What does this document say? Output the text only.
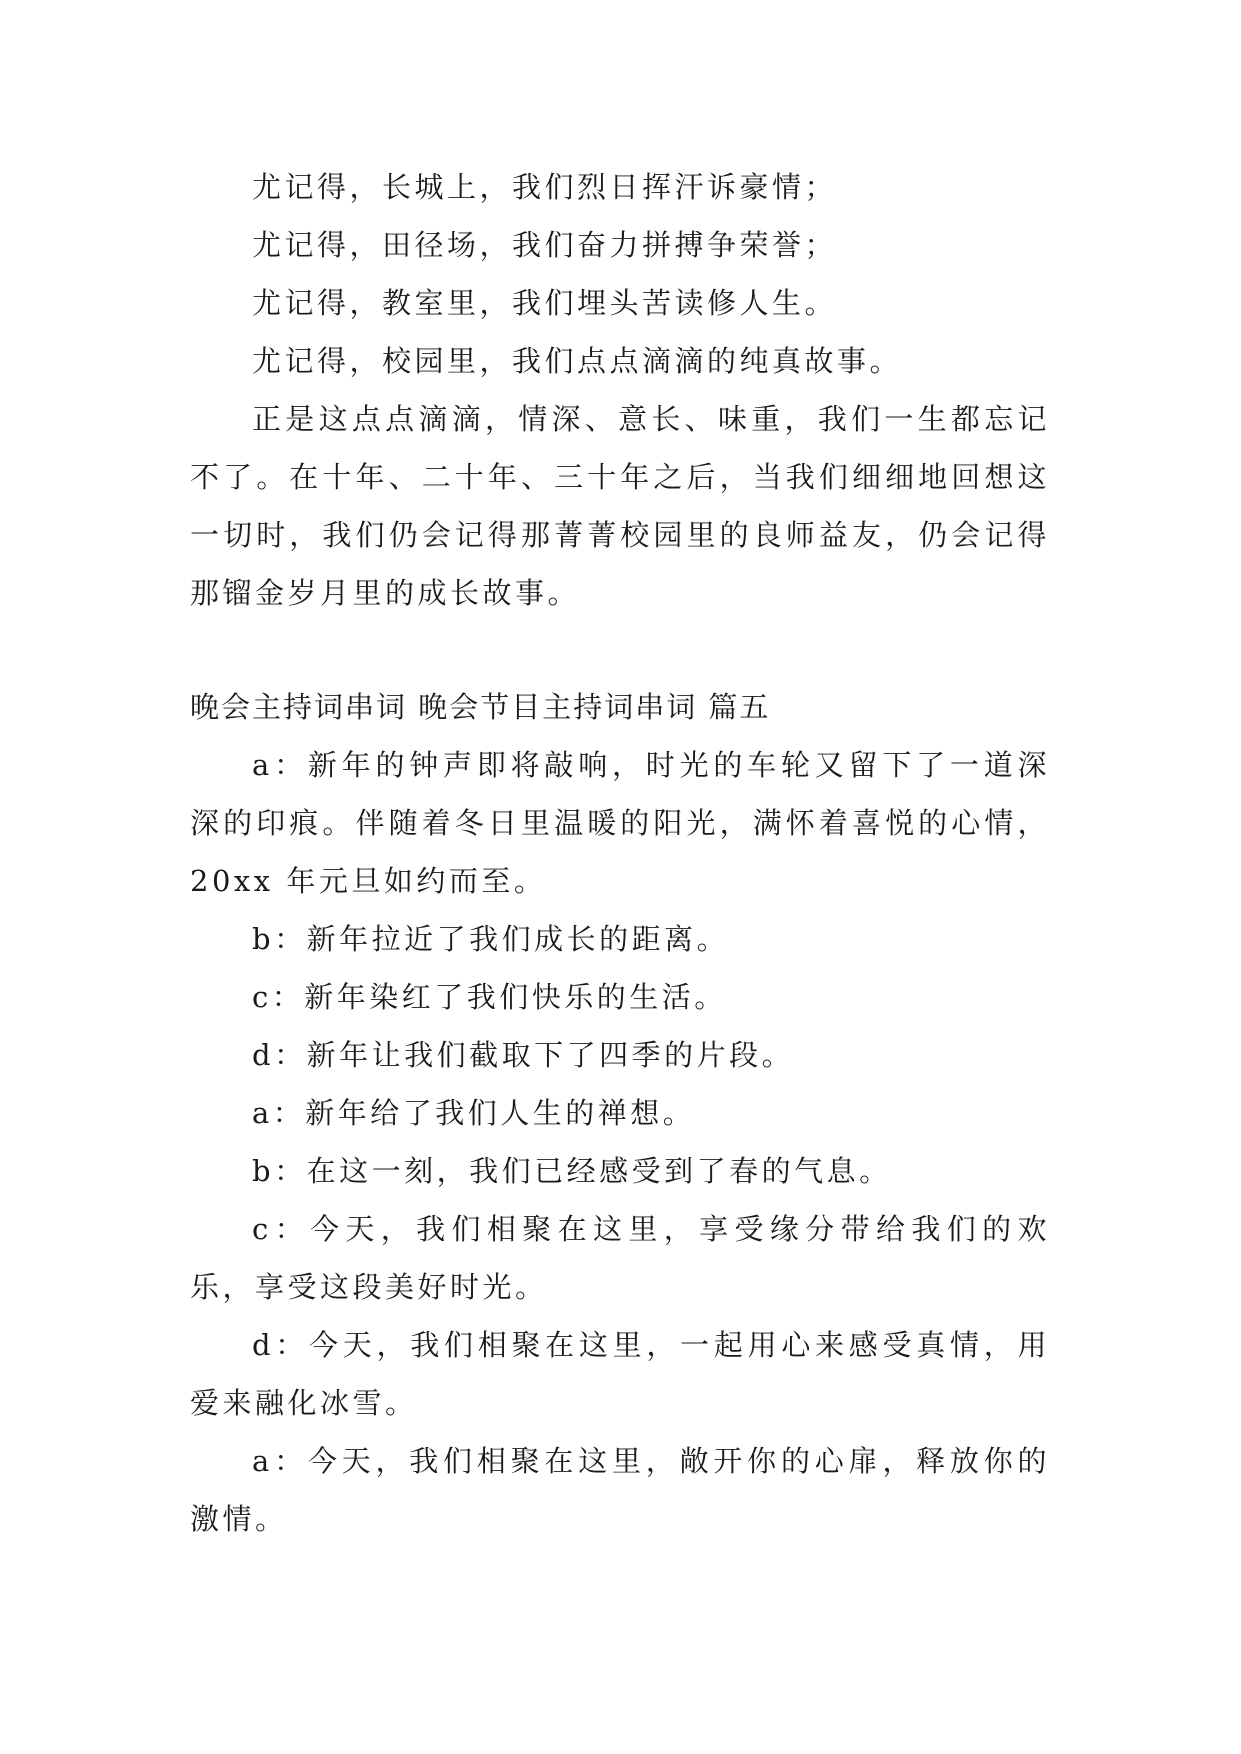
尤记得，长城上，我们烈日挥汗诉豪情；

尤记得，田径场，我们奋力拼搏争荣誉；

尤记得，教室里，我们埋头苦读修人生。

尤记得，校园里，我们点点滴滴的纯真故事。

正是这点点滴滴，情深、意长、味重，我们一生都忘记不了。在十年、二十年、三十年之后，当我们细细地回想这一切时，我们仍会记得那菁菁校园里的良师益友，仍会记得那镏金岁月里的成长故事。

晚会主持词串词 晚会节目主持词串词 篇五

a：新年的钟声即将敲响，时光的车轮又留下了一道深深的印痕。伴随着冬日里温暖的阳光，满怀着喜悦的心情，20xx 年元旦如约而至。

b：新年拉近了我们成长的距离。

c：新年染红了我们快乐的生活。

d：新年让我们截取下了四季的片段。

a：新年给了我们人生的禅想。

b：在这一刻，我们已经感受到了春的气息。

c：今天，我们相聚在这里，享受缘分带给我们的欢乐，享受这段美好时光。

d：今天，我们相聚在这里，一起用心来感受真情，用爱来融化冰雪。

a：今天，我们相聚在这里，敞开你的心扉，释放你的激情。
